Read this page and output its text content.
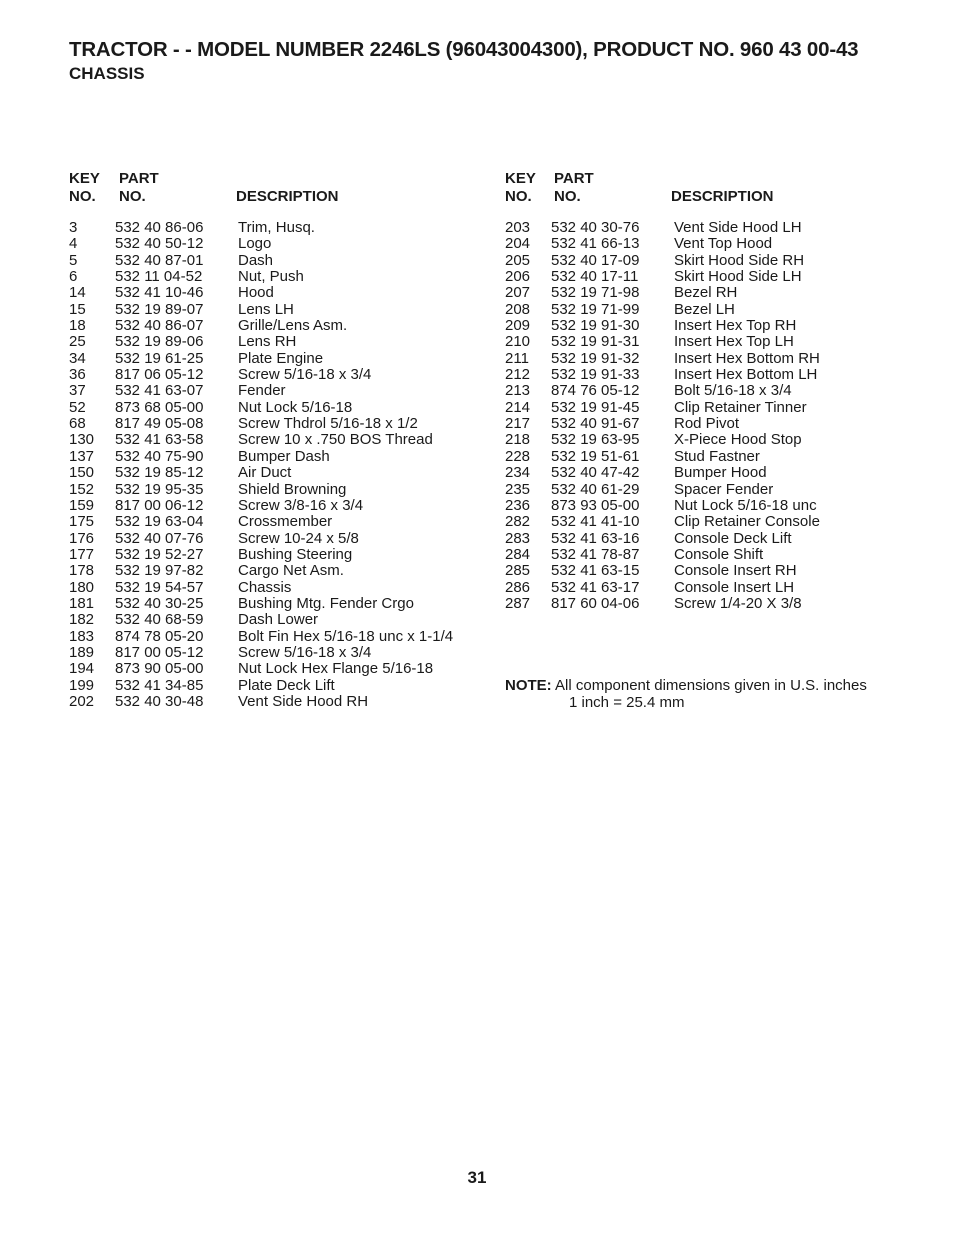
TRACTOR - - MODEL NUMBER 2246LS (96043004300), PRODUCT NO. 960 43 00-43
CHASSIS
KEY
NO.
PART
NO.	DESCRIPTION
3	532 40 86-06 Trim, Husq.
4	532 40 50-12 Logo
5	532 40 87-01 Dash
6	532 11 04-52 Nut, Push
14 532 41 10-46 Hood
15 532 19 89-07 Lens LH
18 532 40 86-07 Grille/Lens Asm.
25 532 19 89-06 Lens RH
34 532 19 61-25 Plate Engine
36 817 06 05-12 Screw 5/16-18 x 3/4
37 532 41 63-07 Fender
52 873 68 05-00 Nut Lock 5/16-18
68 817 49 05-08 Screw Thdrol 5/16-18 x 1/2
130 532 41 63-58 Screw 10 x .750 BOS Thread
137 532 40 75-90 Bumper Dash
150 532 19 85-12 Air Duct
152 532 19 95-35 Shield Browning
159 817 00 06-12 Screw 3/8-16 x 3/4
175 532 19 63-04 Crossmember
176 532 40 07-76 Screw 10-24 x 5/8
177 532 19 52-27 Bushing Steering
178 532 19 97-82 Cargo Net Asm.
180 532 19 54-57 Chassis
181 532 40 30-25 Bushing Mtg. Fender Crgo
182 532 40 68-59 Dash Lower
183 874 78 05-20 Bolt Fin Hex 5/16-18 unc x 1-1/4
189 817 00 05-12 Screw 5/16-18 x 3/4
194 873 90 05-00 Nut Lock Hex Flange 5/16-18
199 532 41 34-85 Plate Deck Lift
202 532 40 30-48 Vent Side Hood RH
KEY
NO.
PART
NO.	DESCRIPTION
203 532 40 30-76 Vent Side Hood LH
204 532 41 66-13 Vent Top Hood
205 532 40 17-09 Skirt Hood Side RH
206 532 40 17-11 Skirt Hood Side LH
207 532 19 71-98 Bezel RH
208 532 19 71-99 Bezel LH
209 532 19 91-30 Insert Hex Top RH
210 532 19 91-31 Insert Hex Top LH
211 532 19 91-32 Insert Hex Bottom RH
212 532 19 91-33 Insert Hex Bottom LH
213 874 76 05-12 Bolt 5/16-18 x 3/4
214 532 19 91-45 Clip Retainer Tinner
217 532 40 91-67 Rod Pivot
218 532 19 63-95 X-Piece Hood Stop
228 532 19 51-61 Stud Fastner
234 532 40 47-42 Bumper Hood
235 532 40 61-29 Spacer Fender
236 873 93 05-00 Nut Lock 5/16-18 unc
282 532 41 41-10 Clip Retainer Console
283 532 41 63-16 Console Deck Lift
284 532 41 78-87 Console Shift
285 532 41 63-15 Console Insert RH
286 532 41 63-17 Console Insert LH
287 817 60 04-06 Screw 1/4-20 X 3/8
NOTE: All component dimensions given in U.S. inches
1 inch = 25.4 mm
31
